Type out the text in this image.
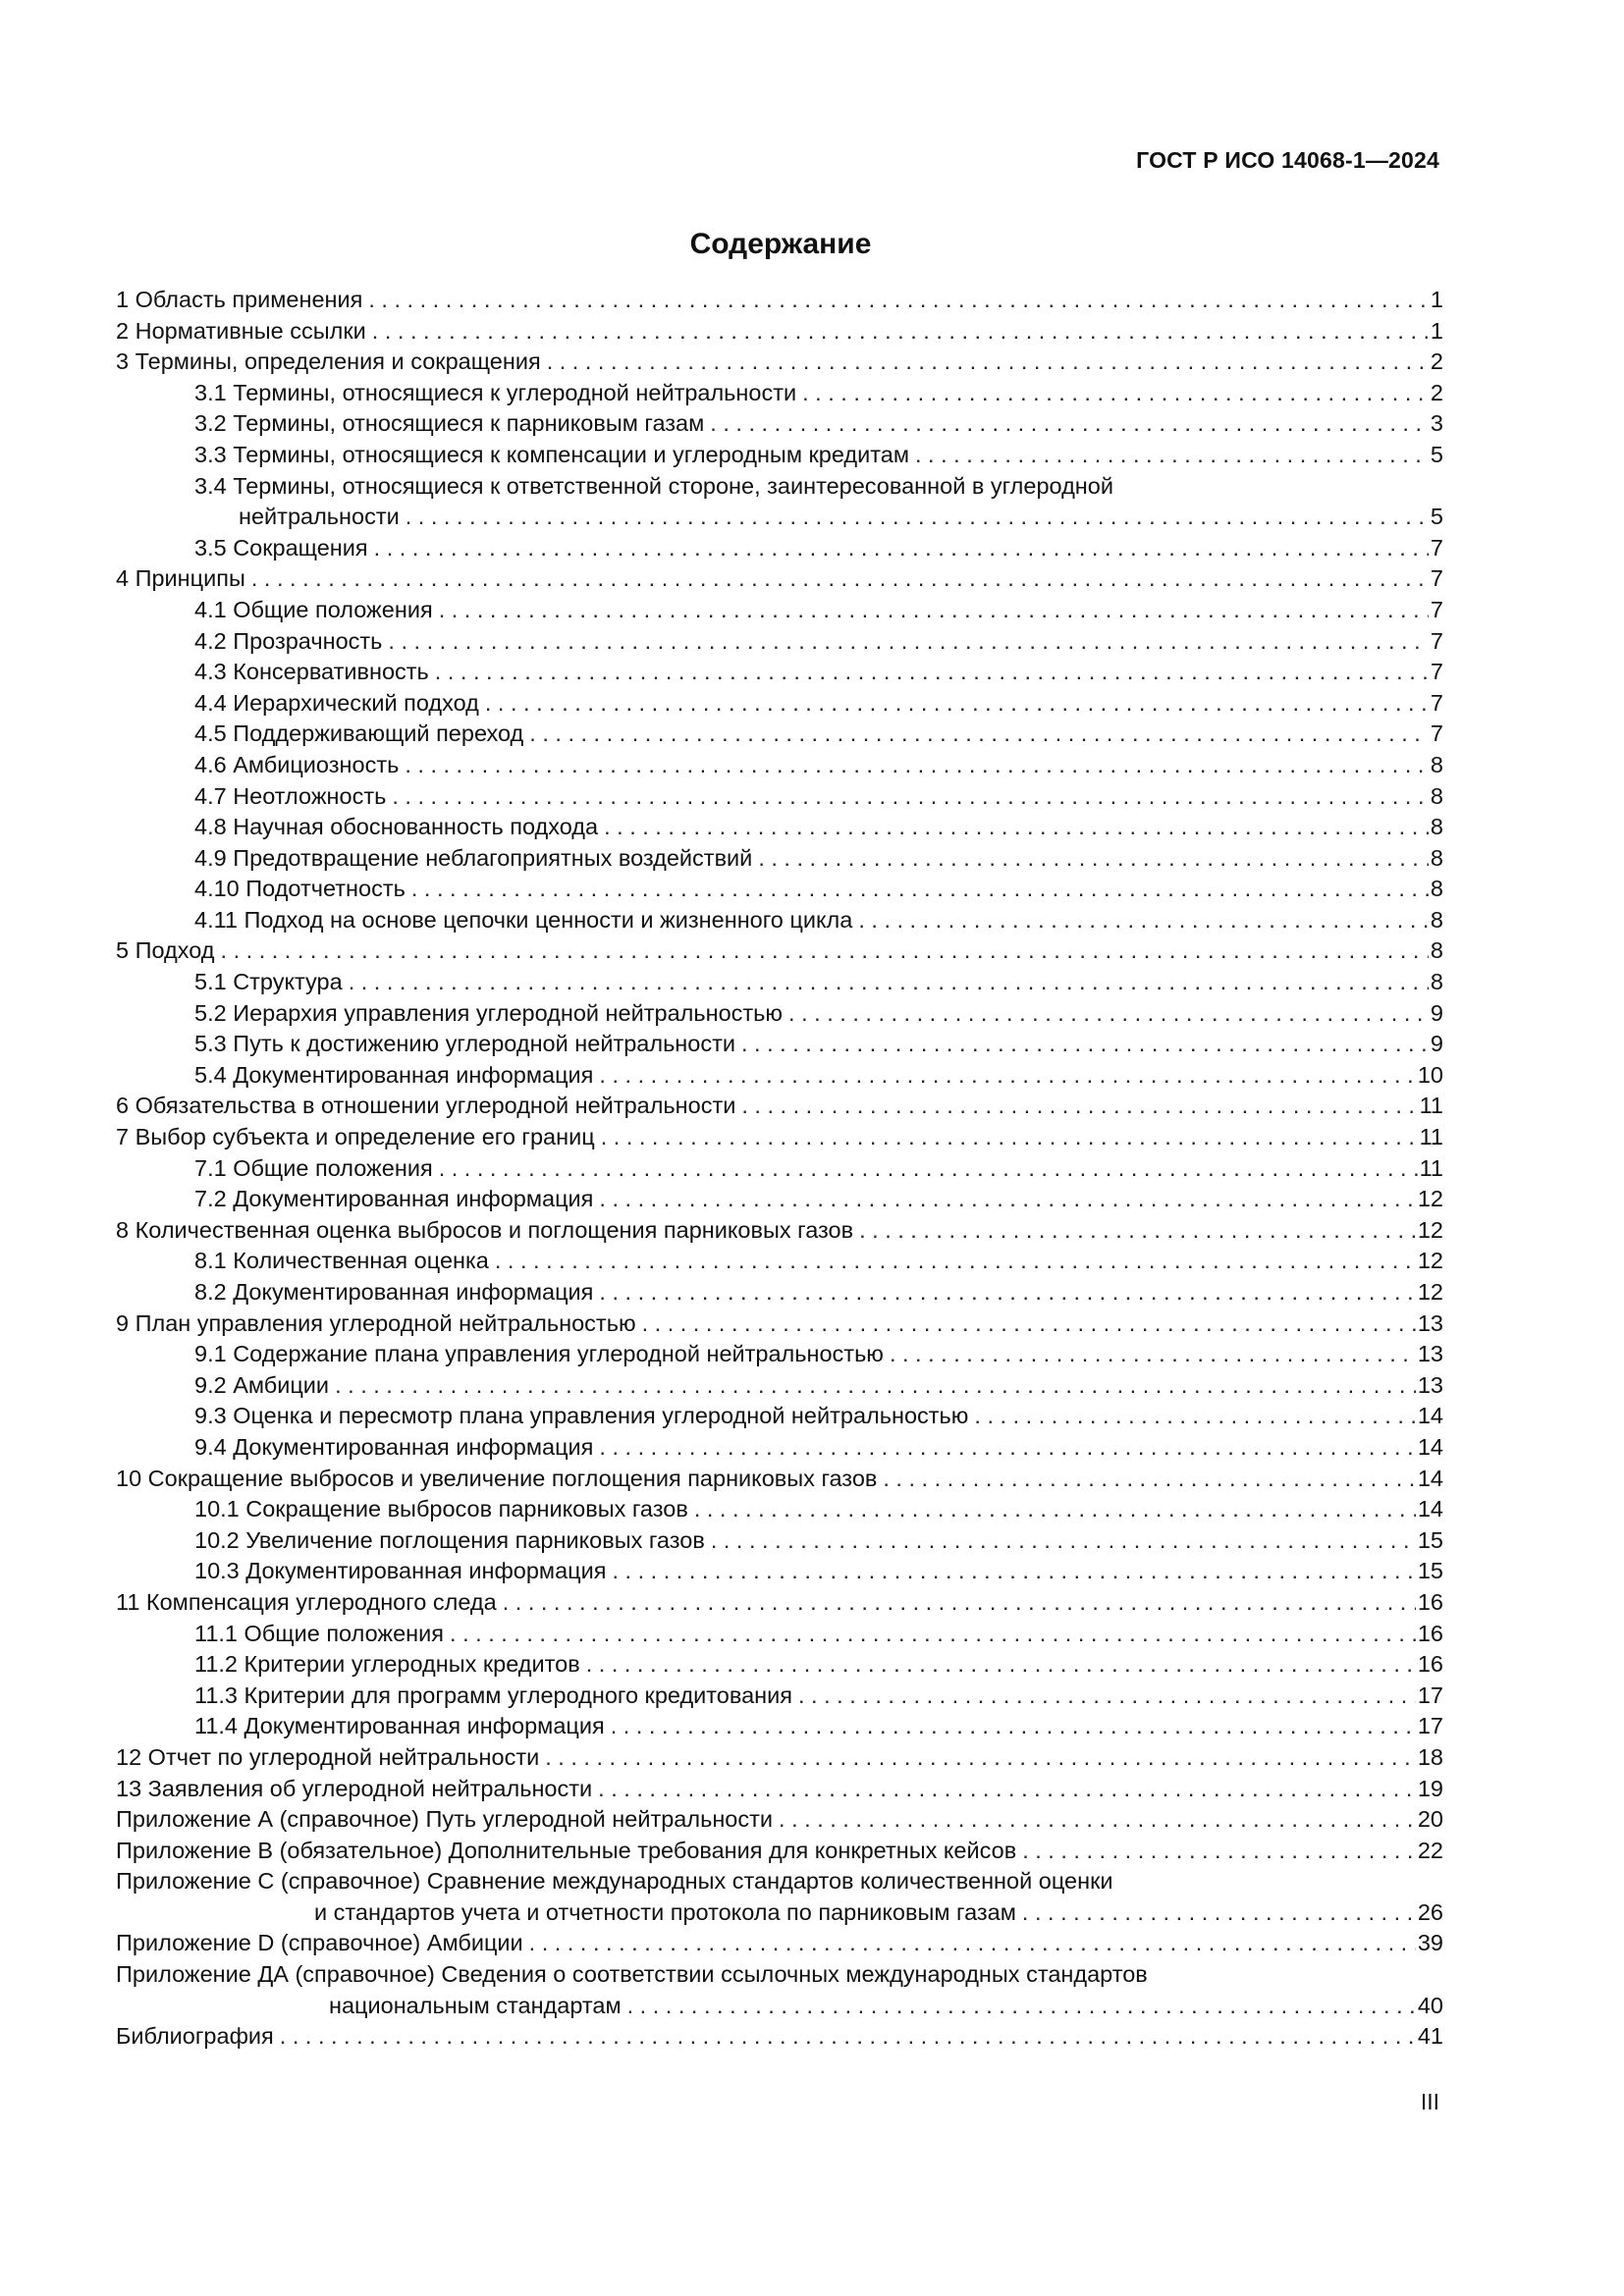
ГОСТ Р ИСО 14068-1—2024
Содержание
1 Область применения . . .	1
2 Нормативные ссылки . . .	1
3 Термины, определения и сокращения . . .	2
3.1 Термины, относящиеся к углеродной нейтральности . . .	2
3.2 Термины, относящиеся к парниковым газам . . .	3
3.3 Термины, относящиеся к компенсации и углеродным кредитам . . .	5
3.4 Термины, относящиеся к ответственной стороне, заинтересованной в углеродной
нейтральности . . .	5
3.5 Сокращения . . .	7
4 Принципы . . .	7
4.1 Общие положения . . .	7
4.2 Прозрачность . . .	7
4.3 Консервативность . . .	7
4.4 Иерархический подход . . .	7
4.5 Поддерживающий переход . . .	7
4.6 Амбициозность . . .	8
4.7 Неотложность . . .	8
4.8 Научная обоснованность подхода . . .	8
4.9 Предотвращение неблагоприятных воздействий . . .	8
4.10 Подотчетность . . .	8
4.11 Подход на основе цепочки ценности и жизненного цикла . . .	8
5 Подход . . .	8
5.1 Структура . . .	8
5.2 Иерархия управления углеродной нейтральностью . . .	9
5.3 Путь к достижению углеродной нейтральности . . .	9
5.4 Документированная информация . . .	10
6 Обязательства в отношении углеродной нейтральности . . .	11
7 Выбор субъекта и определение его границ . . .	11
7.1 Общие положения . . .	11
7.2 Документированная информация . . .	12
8 Количественная оценка выбросов и поглощения парниковых газов . . .	12
8.1 Количественная оценка . . .	12
8.2 Документированная информация . . .	12
9 План управления углеродной нейтральностью . . .	13
9.1 Содержание плана управления углеродной нейтральностью . . .	13
9.2 Амбиции . . .	13
9.3 Оценка и пересмотр плана управления углеродной нейтральностью . . .	14
9.4 Документированная информация . . .	14
10 Сокращение выбросов и увеличение поглощения парниковых газов . . .	14
10.1 Сокращение выбросов парниковых газов . . .	14
10.2 Увеличение поглощения парниковых газов . . .	15
10.3 Документированная информация . . .	15
11 Компенсация углеродного следа . . .	16
11.1 Общие положения . . .	16
11.2 Критерии углеродных кредитов . . .	16
11.3 Критерии для программ углеродного кредитования . . .	17
11.4 Документированная информация . . .	17
12 Отчет по углеродной нейтральности . . .	18
13 Заявления об углеродной нейтральности . . .	19
Приложение А (справочное) Путь углеродной нейтральности . . .	20
Приложение В (обязательное) Дополнительные требования для конкретных кейсов . . .	22
Приложение С (справочное) Сравнение международных стандартов количественной оценки
и стандартов учета и отчетности протокола по парниковым газам . . .	26
Приложение D (справочное) Амбиции . . .	39
Приложение ДА (справочное) Сведения о соответствии ссылочных международных стандартов
национальным стандартам . . .	40
Библиография . . .	41
III
